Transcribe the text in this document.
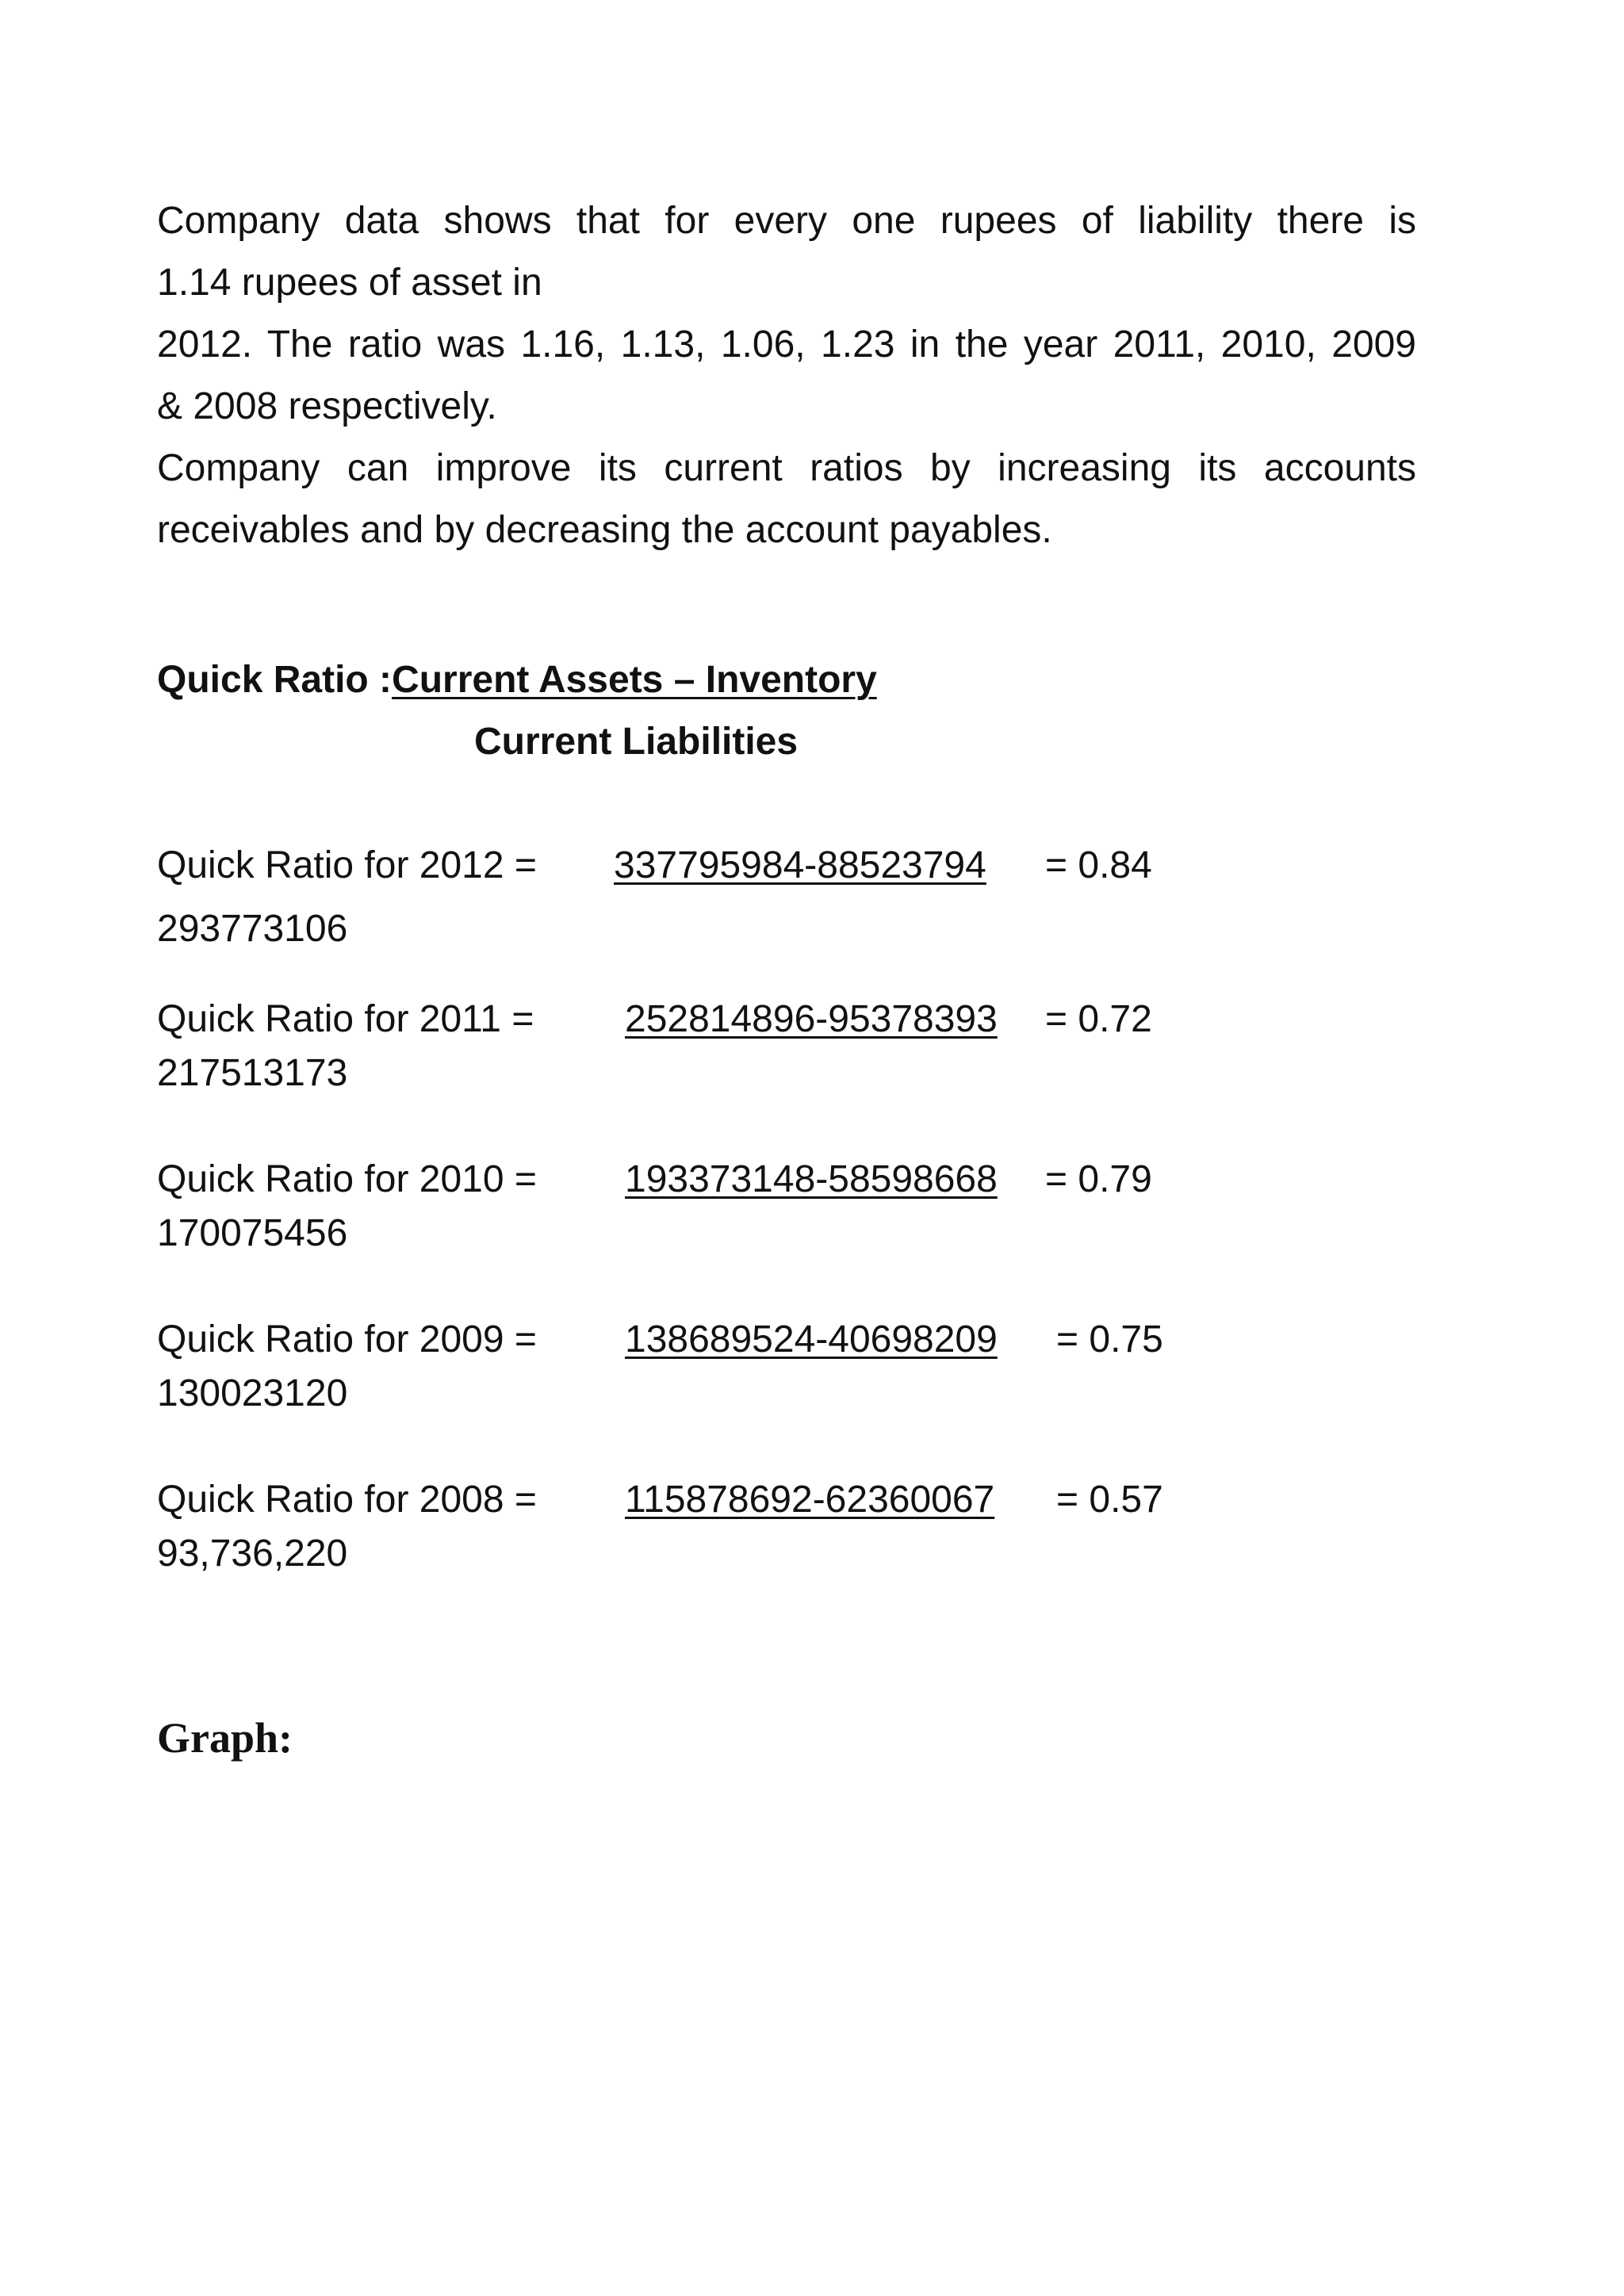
Company data shows that for every one rupees of liability there is
1.14 rupees of asset in
2012. The ratio was 1.16, 1.13, 1.06, 1.23 in the year 2011, 2010, 2009
& 2008 respectively.
Company can improve its current ratios by increasing its accounts
receivables and by decreasing the account payables.
Quick Ratio :Current Assets – Inventory
Current Liabilities
Quick Ratio for 2012 = 337795984-88523794 = 0.84
293773106
Quick Ratio for 2011 = 252814896-95378393 = 0.72
217513173
Quick Ratio for 2010 = 193373148-58598668 = 0.79
170075456
Quick Ratio for 2009 = 138689524-40698209 = 0.75
130023120
Quick Ratio for 2008 = 115878692-62360067 = 0.57
93,736,220
Graph:
